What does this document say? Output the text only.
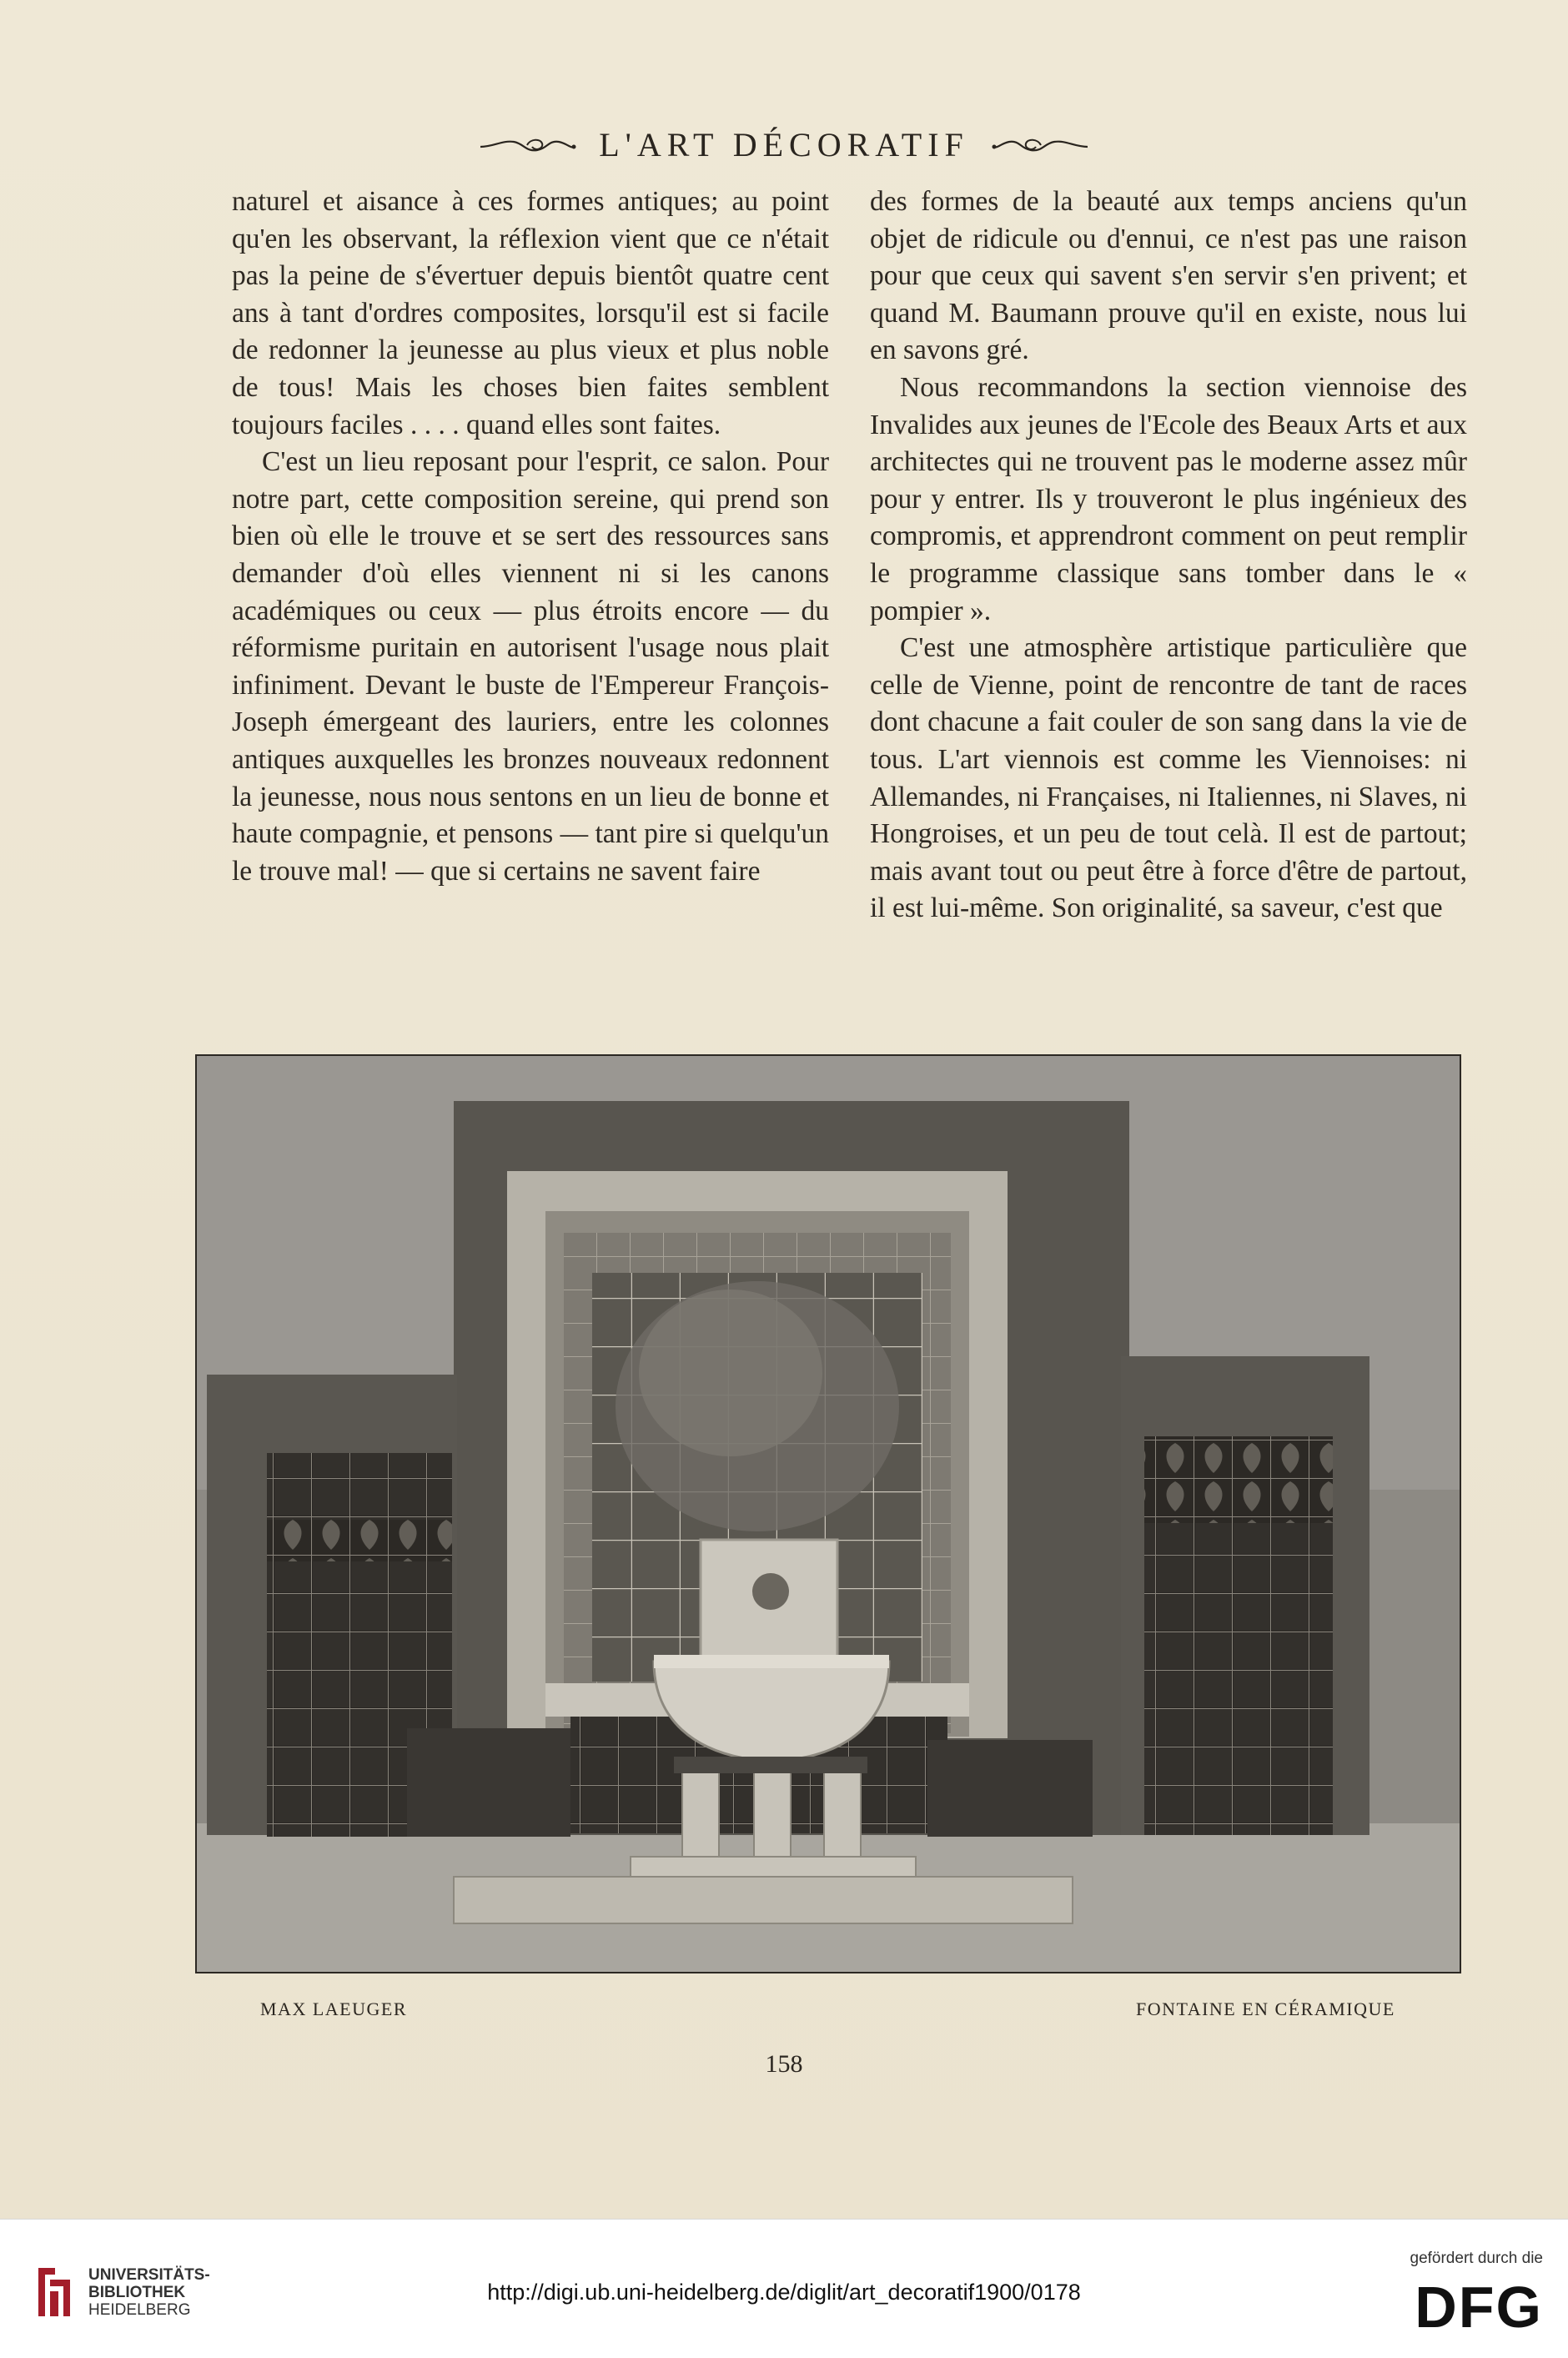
L'ART DÉCORATIF

naturel et aisance à ces formes antiques; au point qu'en les observant, la réflexion vient que ce n'était pas la peine de s'évertuer depuis bientôt quatre cent ans à tant d'ordres composites, lorsqu'il est si facile de redonner la jeunesse au plus vieux et plus noble de tous! Mais les choses bien faites semblent toujours faciles . . . . quand elles sont faites.

C'est un lieu reposant pour l'esprit, ce salon. Pour notre part, cette composition sereine, qui prend son bien où elle le trouve et se sert des ressources sans demander d'où elles viennent ni si les canons académiques ou ceux — plus étroits encore — du réformisme puritain en autorisent l'usage nous plait infiniment. Devant le buste de l'Empereur François-Joseph émergeant des lauriers, entre les colonnes antiques auxquelles les bronzes nouveaux redonnent la jeunesse, nous nous sentons en un lieu de bonne et haute compagnie, et pensons — tant pire si quelqu'un le trouve mal! — que si certains ne savent faire

des formes de la beauté aux temps anciens qu'un objet de ridicule ou d'ennui, ce n'est pas une raison pour que ceux qui savent s'en servir s'en privent; et quand M. Baumann prouve qu'il en existe, nous lui en savons gré.

Nous recommandons la section viennoise des Invalides aux jeunes de l'Ecole des Beaux Arts et aux architectes qui ne trouvent pas le moderne assez mûr pour y entrer. Ils y trouveront le plus ingénieux des compromis, et apprendront comment on peut remplir le programme classique sans tomber dans le « pompier ».

C'est une atmosphère artistique particulière que celle de Vienne, point de rencontre de tant de races dont chacune a fait couler de son sang dans la vie de tous. L'art viennois est comme les Viennoises: ni Allemandes, ni Françaises, ni Italiennes, ni Slaves, ni Hongroises, et un peu de tout celà. Il est de partout; mais avant tout ou peut être à force d'être de partout, il est lui-même. Son originalité, sa saveur, c'est que

MAX LAEUGER	FONTAINE EN CÉRAMIQUE
158
UNIVERSITÄTS-
BIBLIOTHEK
HEIDELBERG
http://digi.ub.uni-heidelberg.de/diglit/art_decoratif1900/0178
gefördert durch die
DFG
